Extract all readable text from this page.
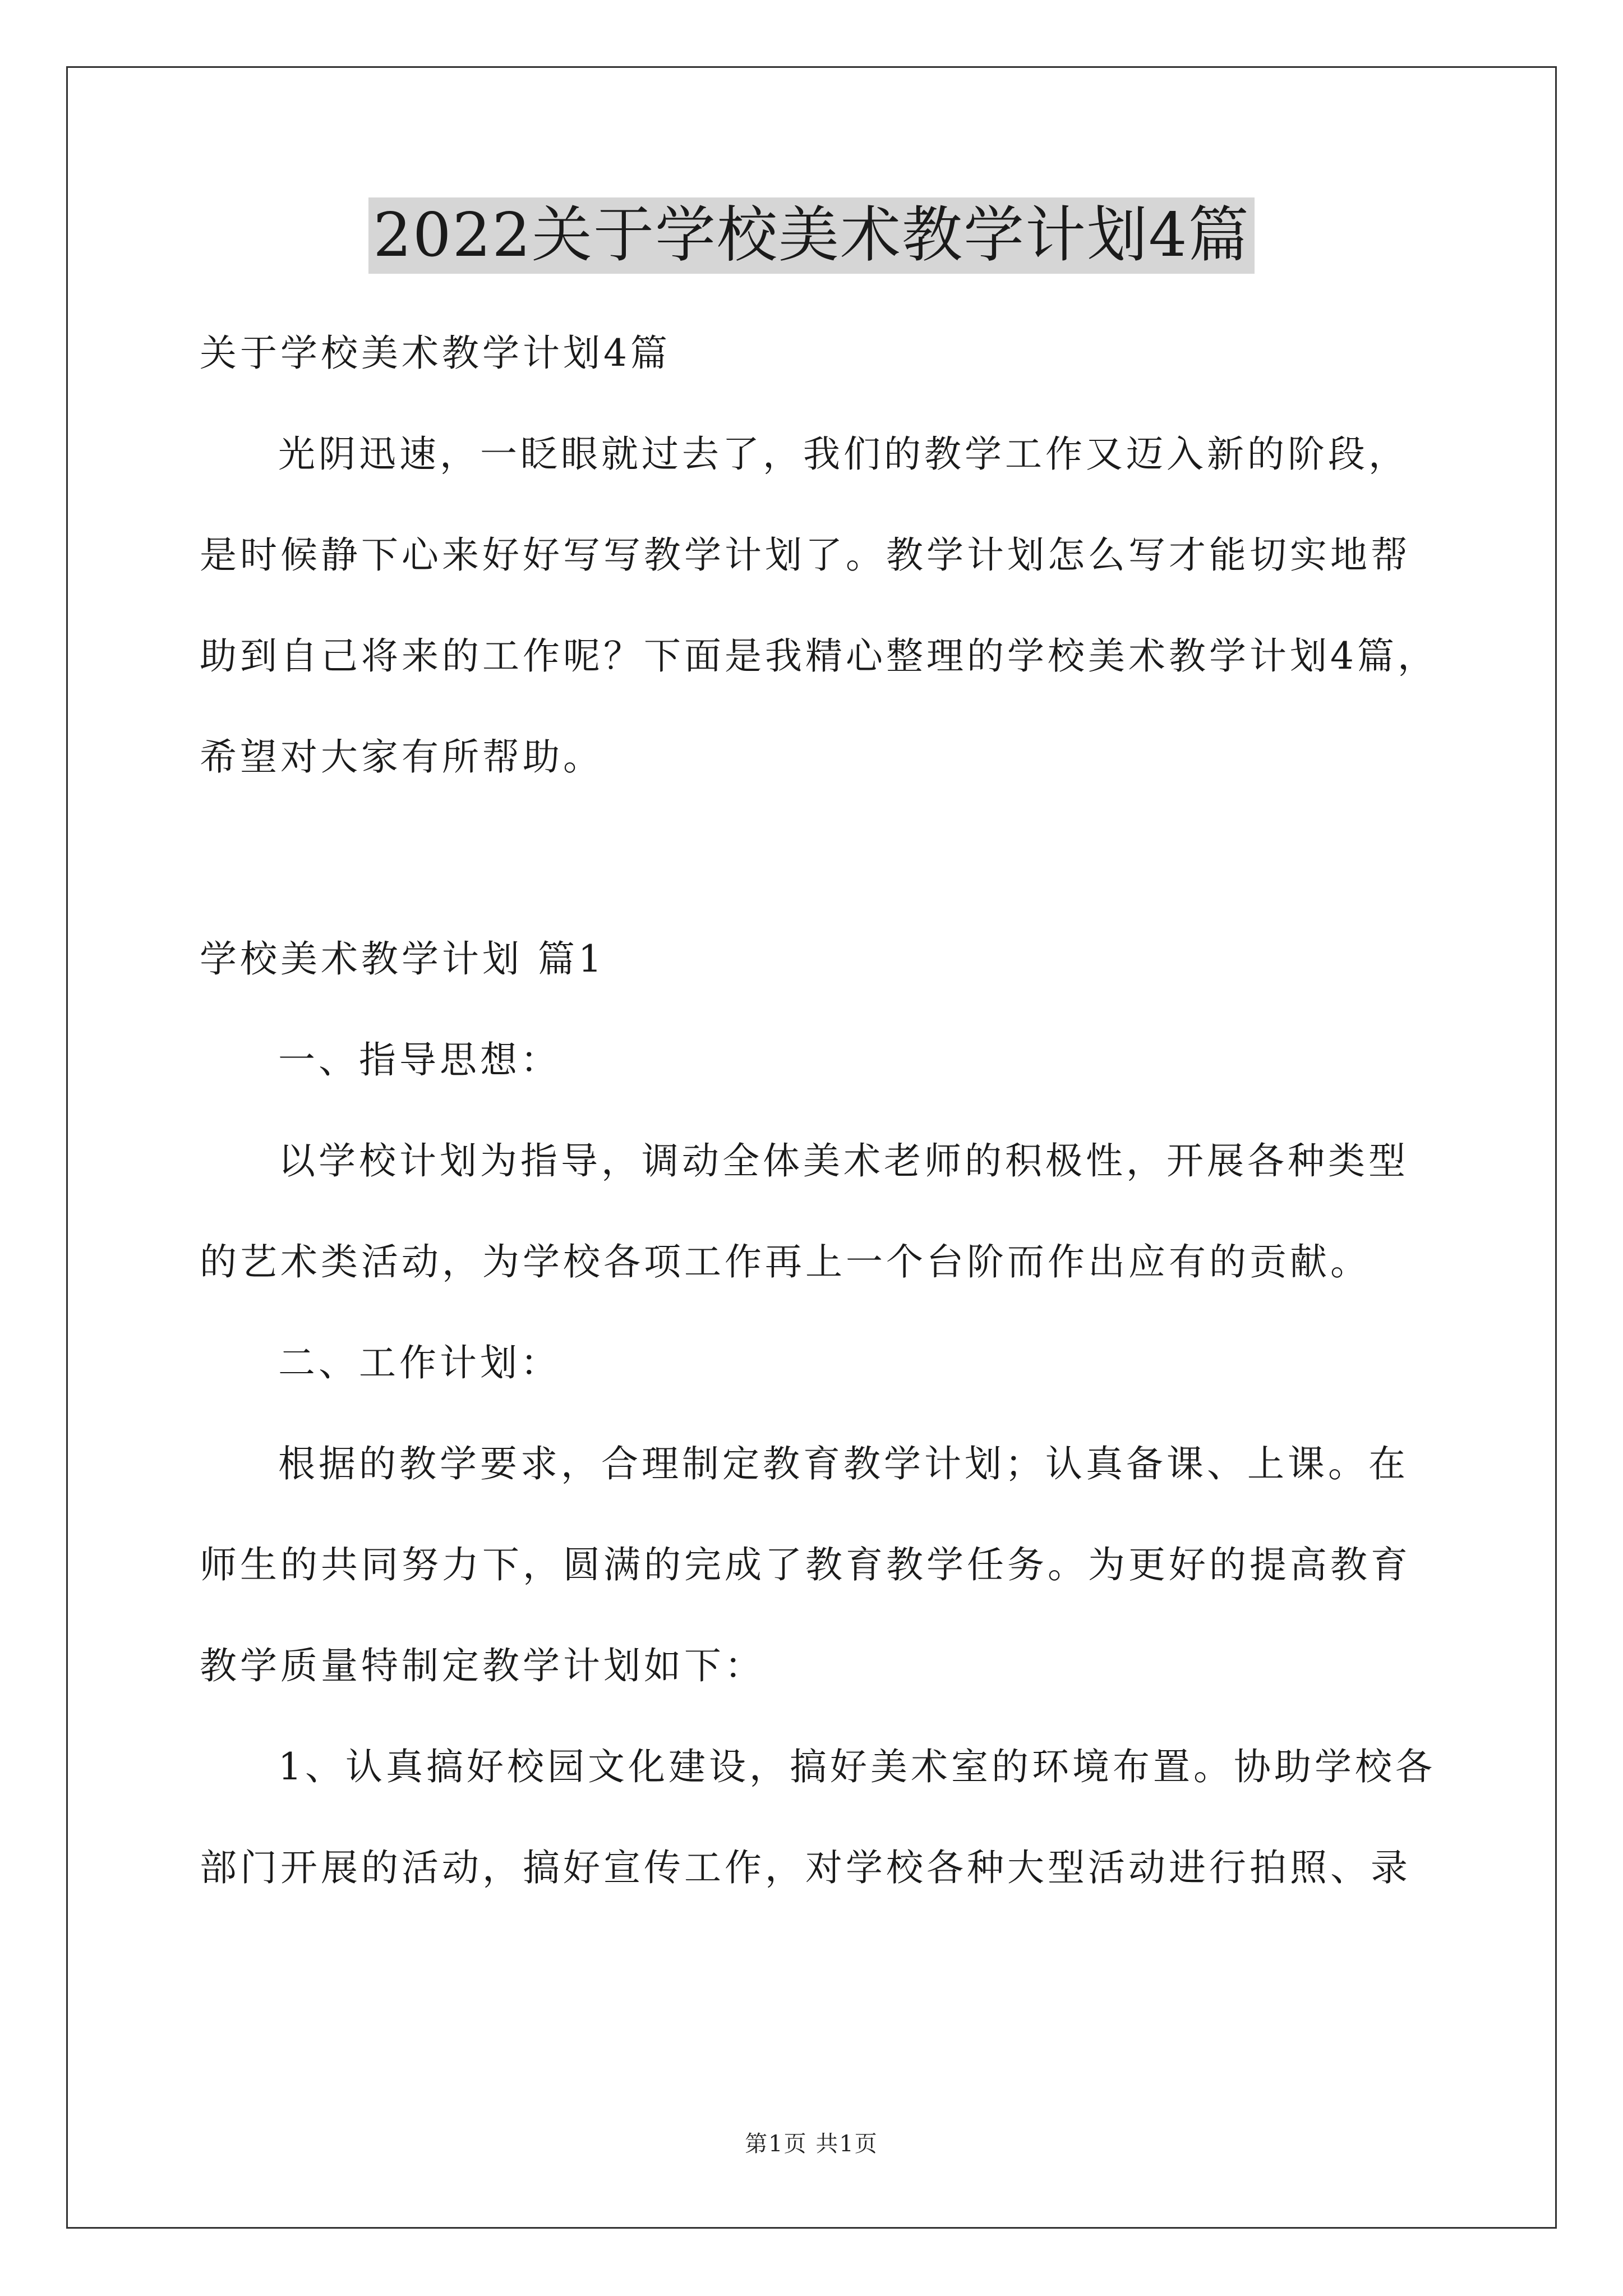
2022关于学校美术教学计划4篇
关于学校美术教学计划4篇
光阴迅速，一眨眼就过去了，我们的教学工作又迈入新的阶段，
是时候静下心来好好写写教学计划了。教学计划怎么写才能切实地帮
助到自己将来的工作呢？下面是我精心整理的学校美术教学计划4篇，
希望对大家有所帮助。
学校美术教学计划 篇1
一、指导思想：
以学校计划为指导，调动全体美术老师的积极性，开展各种类型
的艺术类活动，为学校各项工作再上一个台阶而作出应有的贡献。
二、工作计划：
根据的教学要求，合理制定教育教学计划；认真备课、上课。在
师生的共同努力下，圆满的完成了教育教学任务。为更好的提高教育
教学质量特制定教学计划如下：
1、认真搞好校园文化建设，搞好美术室的环境布置。协助学校各
部门开展的活动，搞好宣传工作，对学校各种大型活动进行拍照、录
第1页 共1页
